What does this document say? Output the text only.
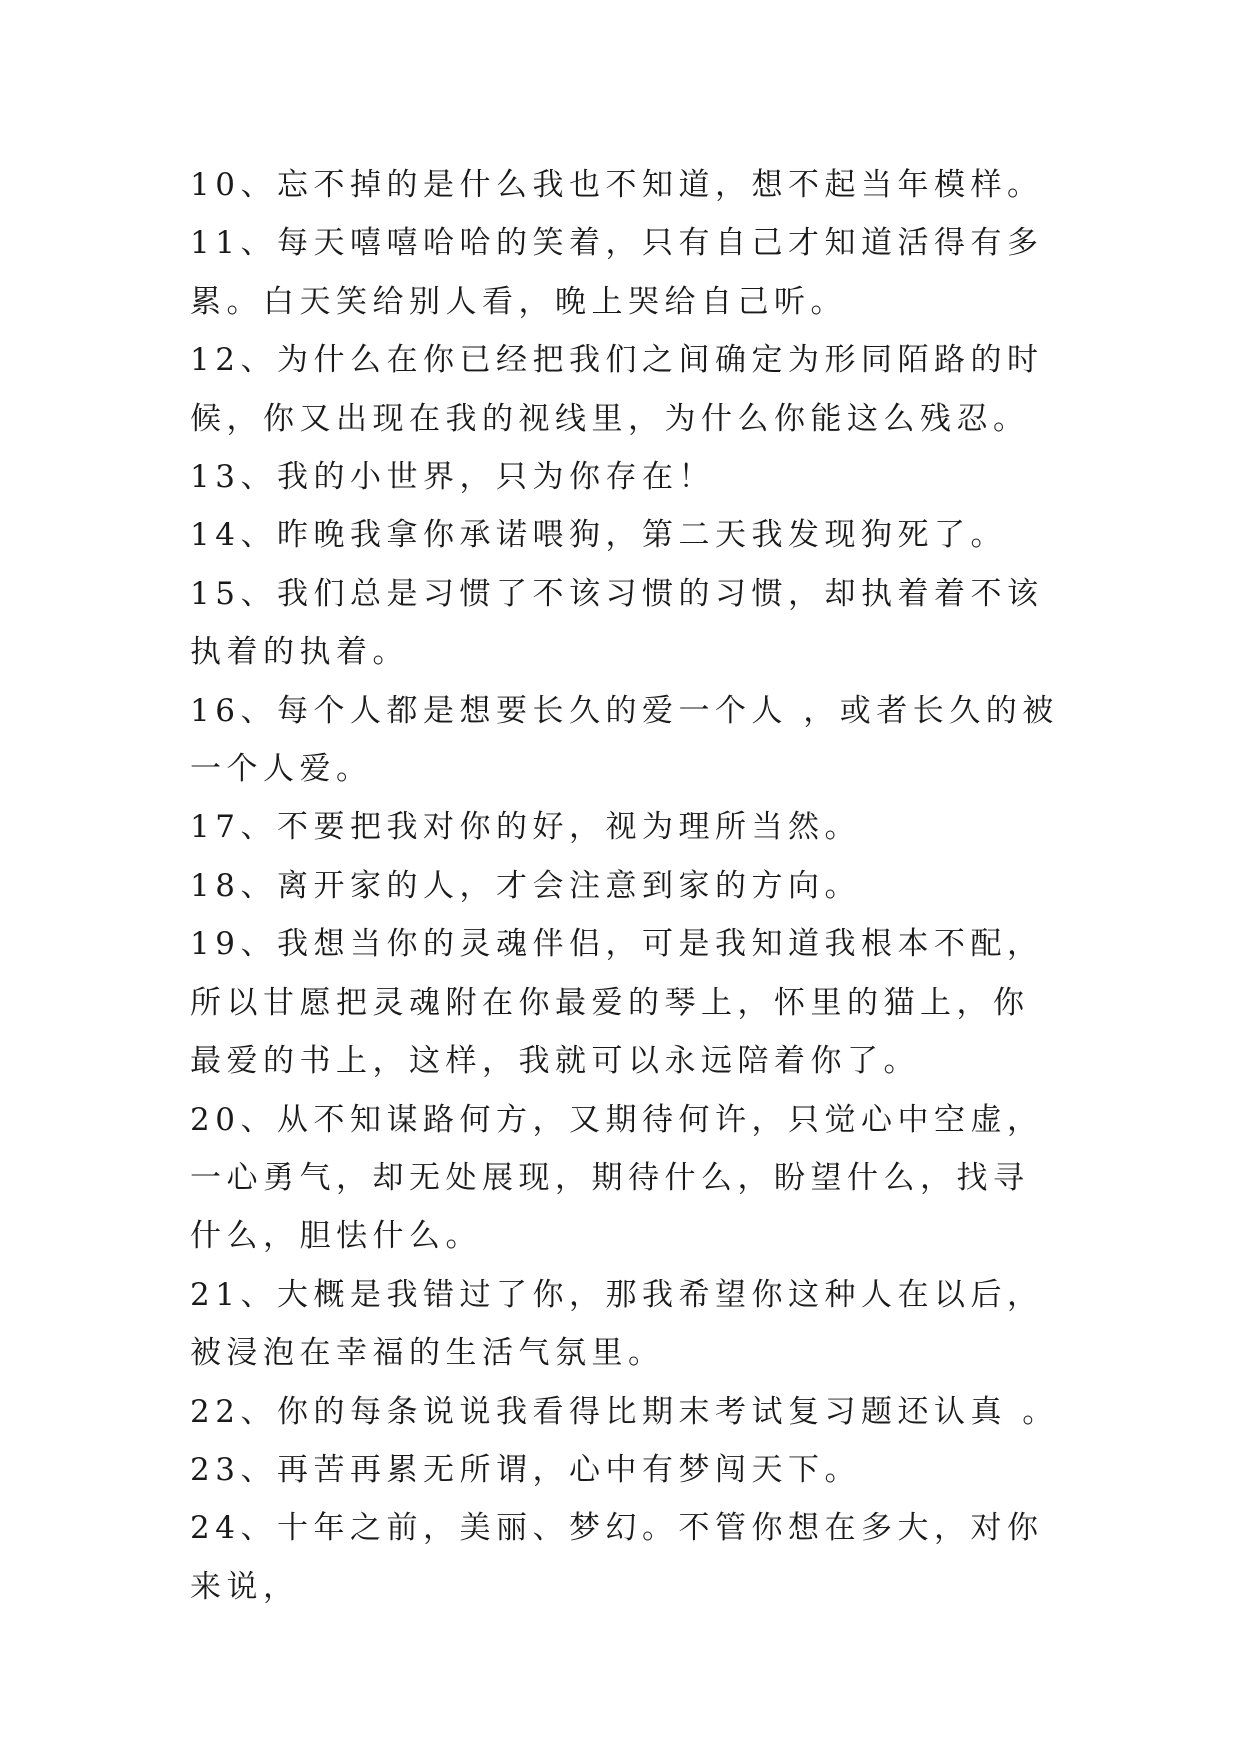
10、忘不掉的是什么我也不知道，想不起当年模样。

11、每天嘻嘻哈哈的笑着，只有自己才知道活得有多累。白天笑给别人看，晚上哭给自己听。

12、为什么在你已经把我们之间确定为形同陌路的时候，你又出现在我的视线里，为什么你能这么残忍。

13、我的小世界，只为你存在！

14、昨晚我拿你承诺喂狗，第二天我发现狗死了。

15、我们总是习惯了不该习惯的习惯，却执着着不该执着的执着。

16、每个人都是想要长久的爱一个人 ，或者长久的被一个人爱。

17、不要把我对你的好，视为理所当然。

18、离开家的人，才会注意到家的方向。

19、我想当你的灵魂伴侣，可是我知道我根本不配，所以甘愿把灵魂附在你最爱的琴上，怀里的猫上，你最爱的书上，这样，我就可以永远陪着你了。

20、从不知谋路何方，又期待何许，只觉心中空虚，一心勇气，却无处展现，期待什么，盼望什么，找寻什么，胆怯什么。

21、大概是我错过了你，那我希望你这种人在以后，被浸泡在幸福的生活气氛里。

22、你的每条说说我看得比期末考试复习题还认真 。

23、再苦再累无所谓，心中有梦闯天下。

24、十年之前，美丽、梦幻。不管你想在多大，对你来说，
